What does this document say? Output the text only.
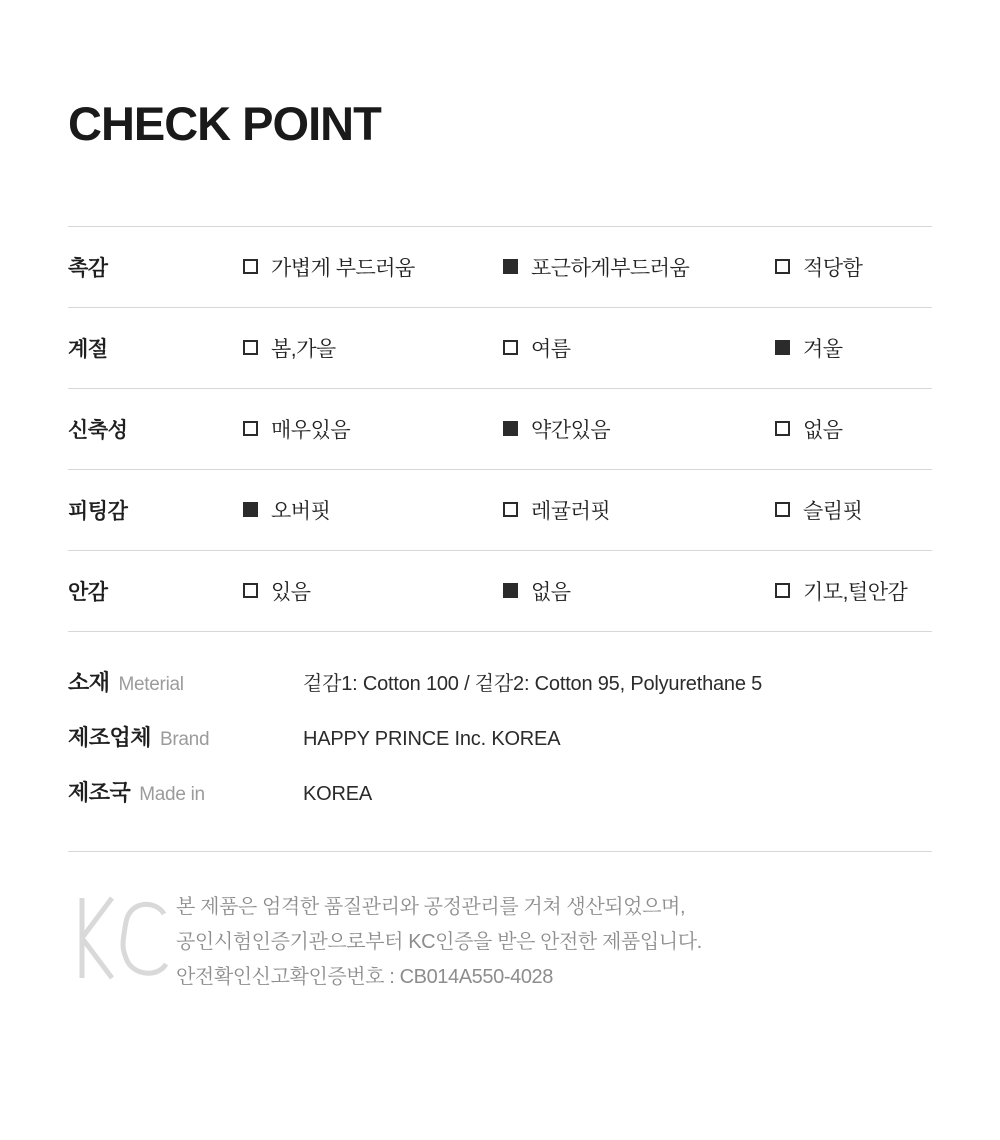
CHECK POINT
촉감	가볍게 부드러움	포근하게부드러움	적당함
계절	봄,가을	여름	겨울
신축성	매우있음	약간있음	없음
피팅감	오버핏	레귤러핏	슬림핏
안감	있음	없음	기모,털안감
소재 Meterial	겉감1: Cotton 100 / 겉감2: Cotton 95, Polyurethane 5
제조업체 Brand	HAPPY PRINCE Inc. KOREA
제조국 Made in	KOREA
본 제품은 엄격한 품질관리와 공정관리를 거쳐 생산되었으며,
공인시험인증기관으로부터 KC인증을 받은 안전한 제품입니다.
안전확인신고확인증번호 : CB014A550-4028
